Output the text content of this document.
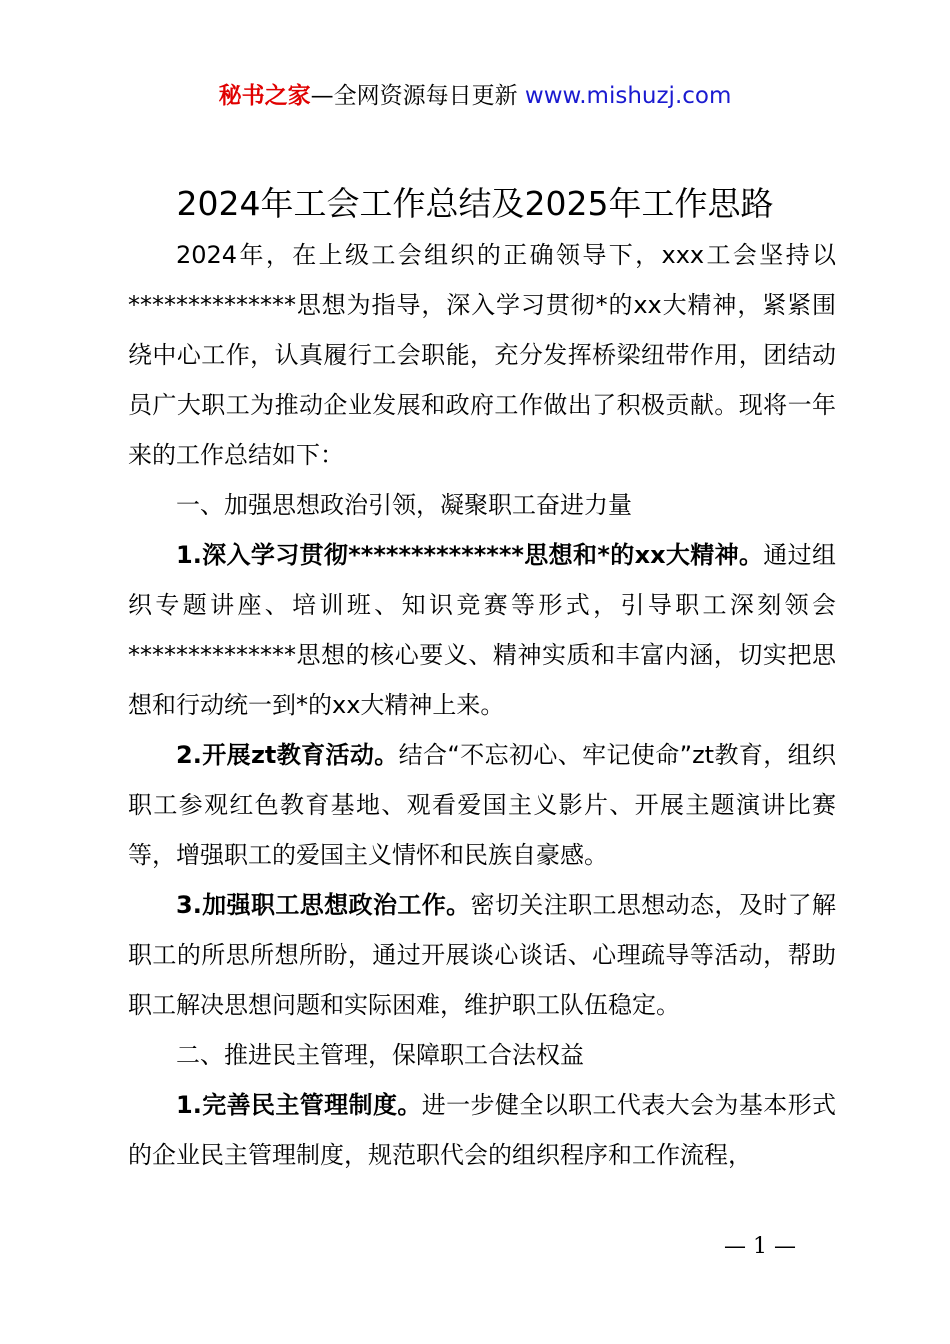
秘书之家—全网资源每日更新 www.mishuzj.com
2024年工会工作总结及2025年工作思路

2024年，在上级工会组织的正确领导下，xxx工会坚持以**************思想为指导，深入学习贯彻*的xx大精神，紧紧围绕中心工作，认真履行工会职能，充分发挥桥梁纽带作用，团结动员广大职工为推动企业发展和政府工作做出了积极贡献。现将一年来的工作总结如下：

一、加强思想政治引领，凝聚职工奋进力量

1.深入学习贯彻**************思想和*的xx大精神。通过组织专题讲座、培训班、知识竞赛等形式，引导职工深刻领会**************思想的核心要义、精神实质和丰富内涵，切实把思想和行动统一到*的xx大精神上来。

2.开展zt教育活动。结合“不忘初心、牢记使命”zt教育，组织职工参观红色教育基地、观看爱国主义影片、开展主题演讲比赛等，增强职工的爱国主义情怀和民族自豪感。

3.加强职工思想政治工作。密切关注职工思想动态，及时了解职工的所思所想所盼，通过开展谈心谈话、心理疏导等活动，帮助职工解决思想问题和实际困难，维护职工队伍稳定。

二、推进民主管理，保障职工合法权益

1.完善民主管理制度。进一步健全以职工代表大会为基本形式的企业民主管理制度，规范职代会的组织程序和工作流程，

— 1 —
